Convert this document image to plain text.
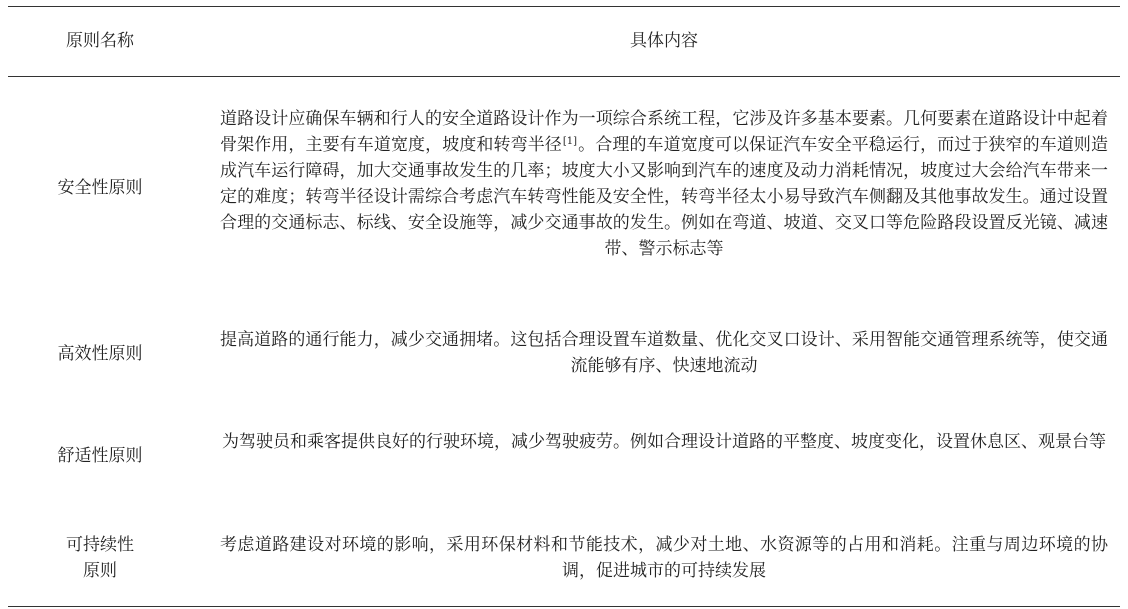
原则名称	具体内容
安全性原则
道路设计应确保车辆和行人的安全道路设计作为一项综合系统工程，它涉及许多基本要素。几何要素在道路设计中起着骨架作用，主要有车道宽度，坡度和转弯半径[1]。合理的车道宽度可以保证汽车安全平稳运行，而过于狭窄的车道则造成汽车运行障碍，加大交通事故发生的几率；坡度大小又影响到汽车的速度及动力消耗情况，坡度过大会给汽车带来一定的难度；转弯半径设计需综合考虑汽车转弯性能及安全性，转弯半径太小易导致汽车侧翻及其他事故发生。通过设置合理的交通标志、标线、安全设施等，减少交通事故的发生。例如在弯道、坡道、交叉口等危险路段设置反光镜、减速带、警示标志等
高效性原则
提高道路的通行能力，减少交通拥堵。这包括合理设置车道数量、优化交叉口设计、采用智能交通管理系统等，使交通流能够有序、快速地流动
舒适性原则
为驾驶员和乘客提供良好的行驶环境，减少驾驶疲劳。例如合理设计道路的平整度、坡度变化，设置休息区、观景台等
可持续性
原则
考虑道路建设对环境的影响，采用环保材料和节能技术，减少对土地、水资源等的占用和消耗。注重与周边环境的协调，促进城市的可持续发展
